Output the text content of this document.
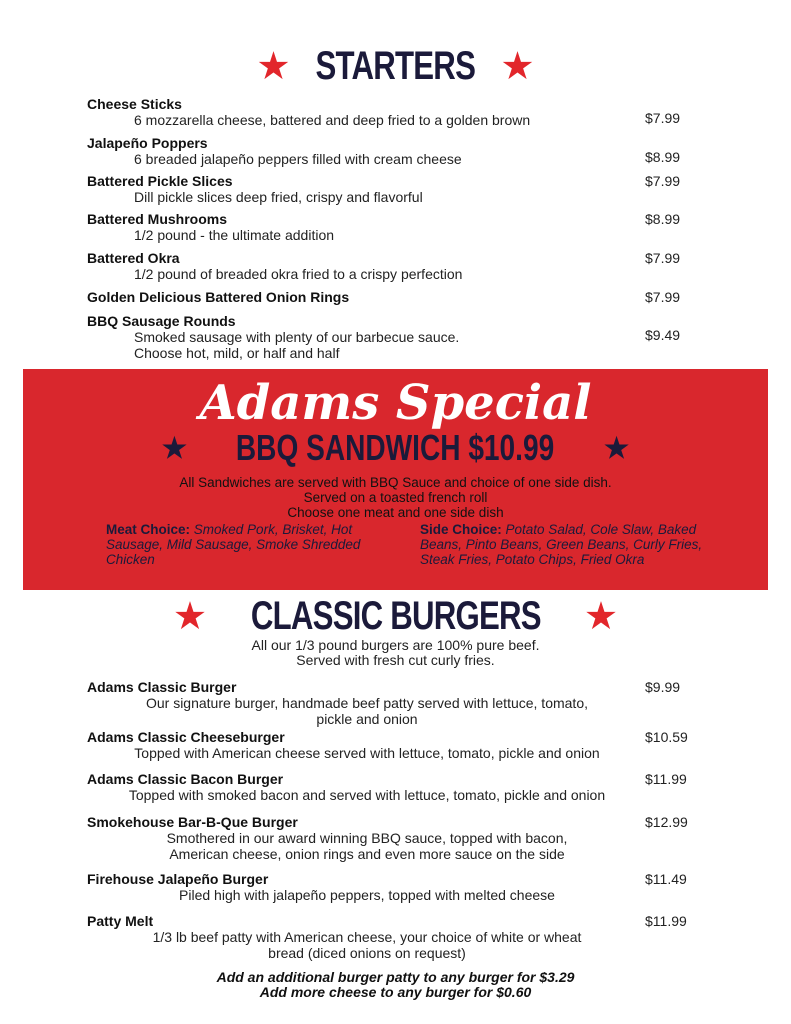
★ STARTERS ★
Cheese Sticks
6 mozzarella cheese, battered and deep fried to a golden brown	$7.99
Jalapeño Poppers
6 breaded jalapeño peppers filled with cream cheese	$8.99
Battered Pickle Slices
Dill pickle slices deep fried, crispy and flavorful
$7.99
Battered Mushrooms
1/2 pound - the ultimate addition
$8.99
Battered Okra
1/2 pound of breaded okra fried to a crispy perfection
$7.99
Golden Delicious Battered Onion Rings	$7.99
BBQ Sausage Rounds
Smoked sausage with plenty of our barbecue sauce.
Choose hot, mild, or half and half
$9.49
Adams Special
★ BBQ SANDWICH $10.99 ★
All Sandwiches are served with BBQ Sauce and choice of one side dish.
Served on a toasted french roll
Choose one meat and one side dish
Meat Choice: Smoked Pork, Brisket, Hot Sausage, Mild Sausage, Smoke Shredded Chicken
Side Choice: Potato Salad, Cole Slaw, Baked Beans, Pinto Beans, Green Beans, Curly Fries, Steak Fries, Potato Chips, Fried Okra
★ CLASSIC BURGERS ★
All our 1/3 pound burgers are 100% pure beef.
Served with fresh cut curly fries.
Adams Classic Burger
Our signature burger, handmade beef patty served with lettuce, tomato,
pickle and onion
$9.99
Adams Classic Cheeseburger
Topped with American cheese served with lettuce, tomato, pickle and onion
$10.59
Adams Classic Bacon Burger
Topped with smoked bacon and served with lettuce, tomato, pickle and onion
$11.99
Smokehouse Bar-B-Que Burger
Smothered in our award winning BBQ sauce, topped with bacon,
American cheese, onion rings and even more sauce on the side
$12.99
Firehouse Jalapeño Burger
Piled high with jalapeño peppers, topped with melted cheese
$11.49
Patty Melt
1/3 lb beef patty with American cheese, your choice of white or wheat
bread (diced onions on request)
$11.99
Add an additional burger patty to any burger for $3.29
Add more cheese to any burger for $0.60
